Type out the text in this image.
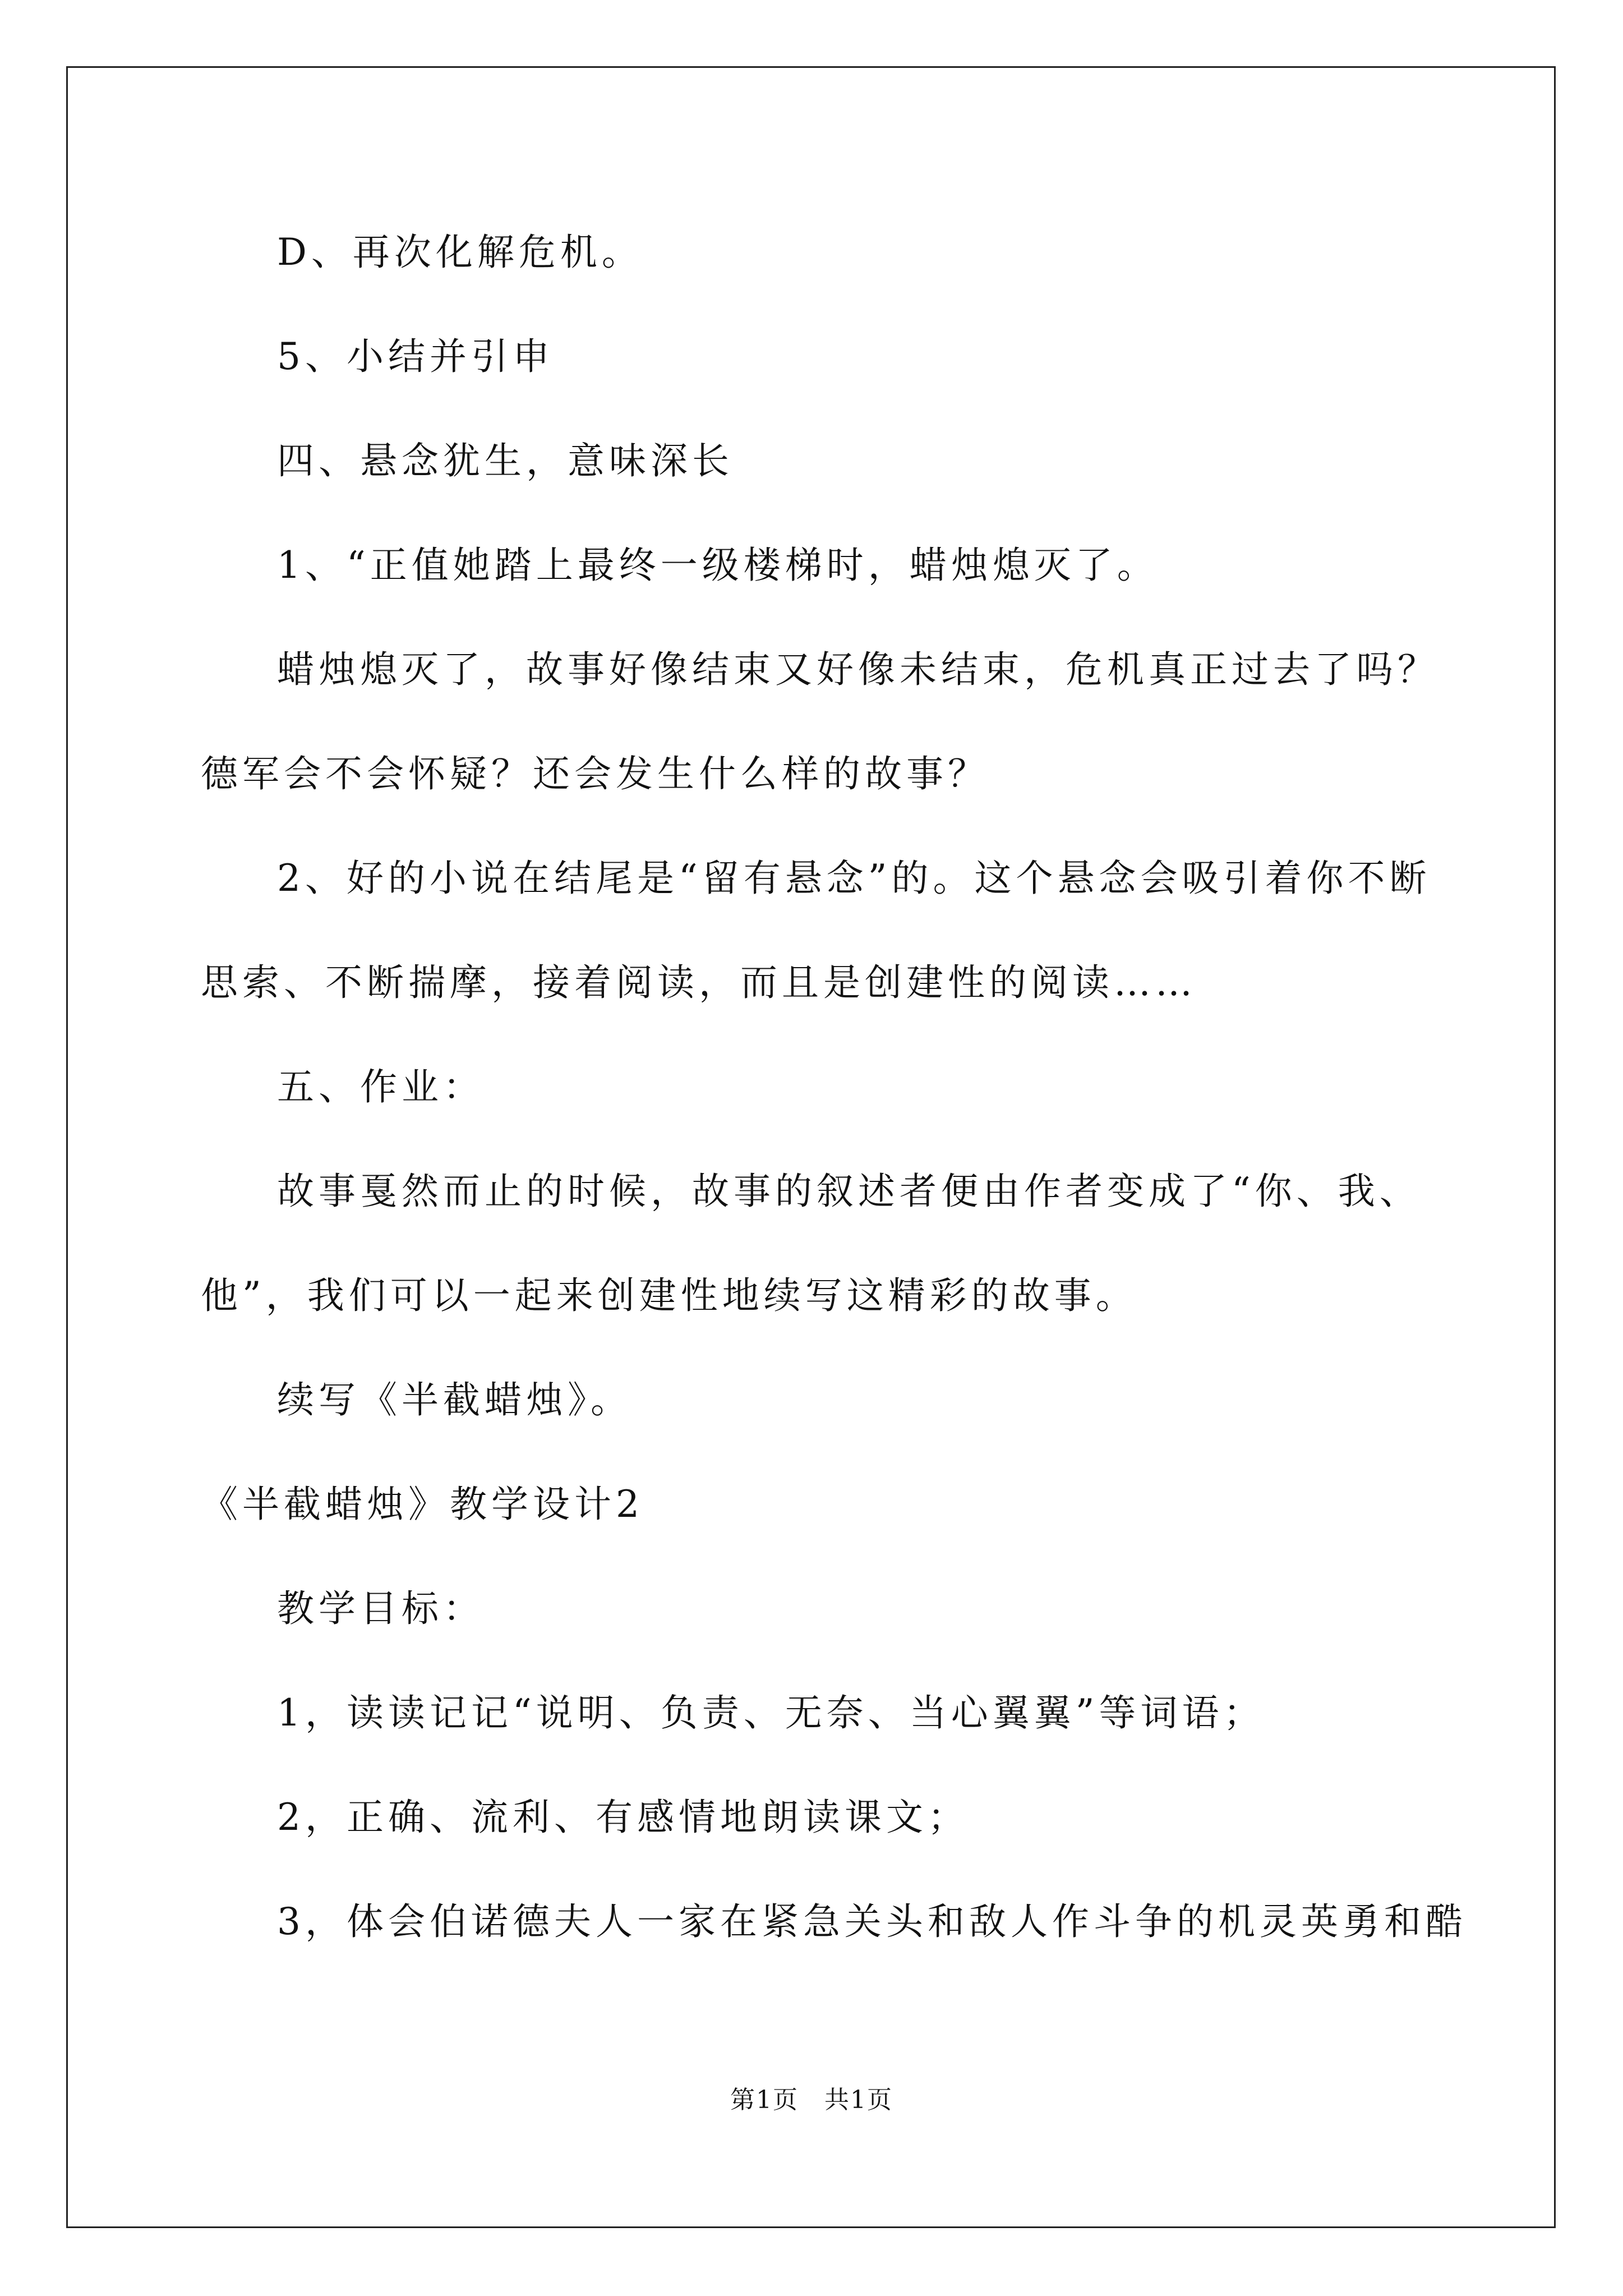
D、再次化解危机。
5、小结并引申
四、悬念犹生，意味深长
1、“正值她踏上最终一级楼梯时，蜡烛熄灭了。
蜡烛熄灭了，故事好像结束又好像未结束，危机真正过去了吗？
德军会不会怀疑？还会发生什么样的故事？
2、好的小说在结尾是“留有悬念”的。这个悬念会吸引着你不断
思索、不断揣摩，接着阅读，而且是创建性的阅读……
五、作业：
故事戛然而止的时候，故事的叙述者便由作者变成了“你、我、
他”，我们可以一起来创建性地续写这精彩的故事。
续写《半截蜡烛》。
《半截蜡烛》教学设计2
教学目标：
1，读读记记“说明、负责、无奈、当心翼翼”等词语；
2，正确、流利、有感情地朗读课文；
3，体会伯诺德夫人一家在紧急关头和敌人作斗争的机灵英勇和酷
第1页　共1页
